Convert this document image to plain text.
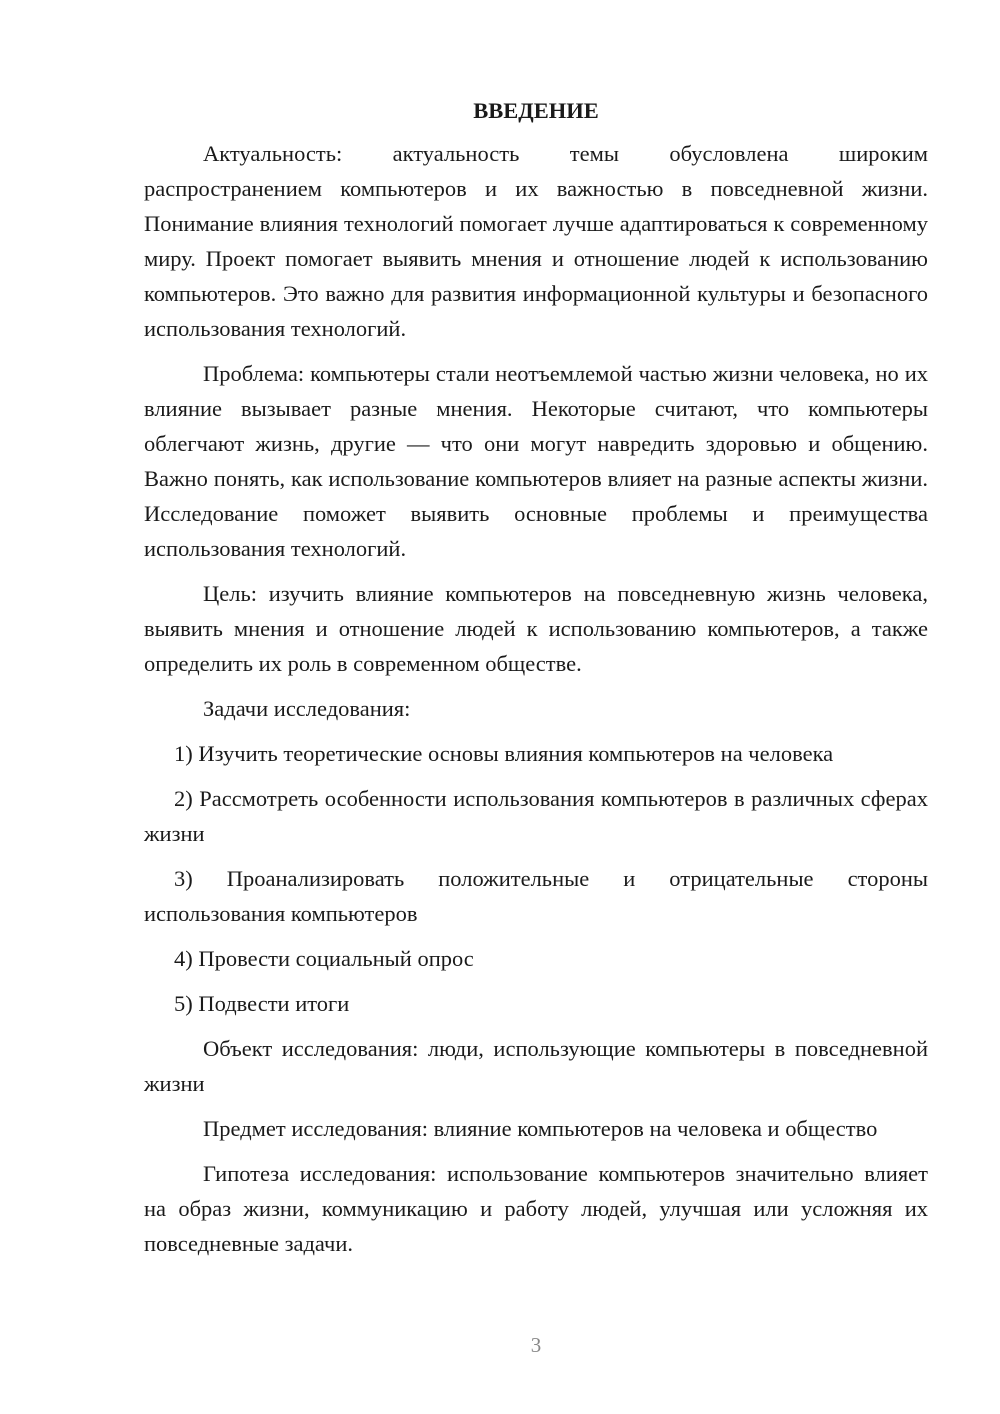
ВВЕДЕНИЕ

Актуальность: актуальность темы обусловлена широким распространением компьютеров и их важностью в повседневной жизни. Понимание влияния технологий помогает лучше адаптироваться к современному миру. Проект помогает выявить мнения и отношение людей к использованию компьютеров. Это важно для развития информационной культуры и безопасного использования технологий.

Проблема: компьютеры стали неотъемлемой частью жизни человека, но их влияние вызывает разные мнения. Некоторые считают, что компьютеры облегчают жизнь, другие — что они могут навредить здоровью и общению. Важно понять, как использование компьютеров влияет на разные аспекты жизни. Исследование поможет выявить основные проблемы и преимущества использования технологий.

Цель: изучить влияние компьютеров на повседневную жизнь человека, выявить мнения и отношение людей к использованию компьютеров, а также определить их роль в современном обществе.

Задачи исследования:

1) Изучить теоретические основы влияния компьютеров на человека

2) Рассмотреть особенности использования компьютеров в различных сферах жизни

3) Проанализировать положительные и отрицательные стороны использования компьютеров

4) Провести социальный опрос

5) Подвести итоги

Объект исследования: люди, использующие компьютеры в повседневной жизни

Предмет исследования: влияние компьютеров на человека и общество

Гипотеза исследования: использование компьютеров значительно влияет на образ жизни, коммуникацию и работу людей, улучшая или усложняя их повседневные задачи.

3
